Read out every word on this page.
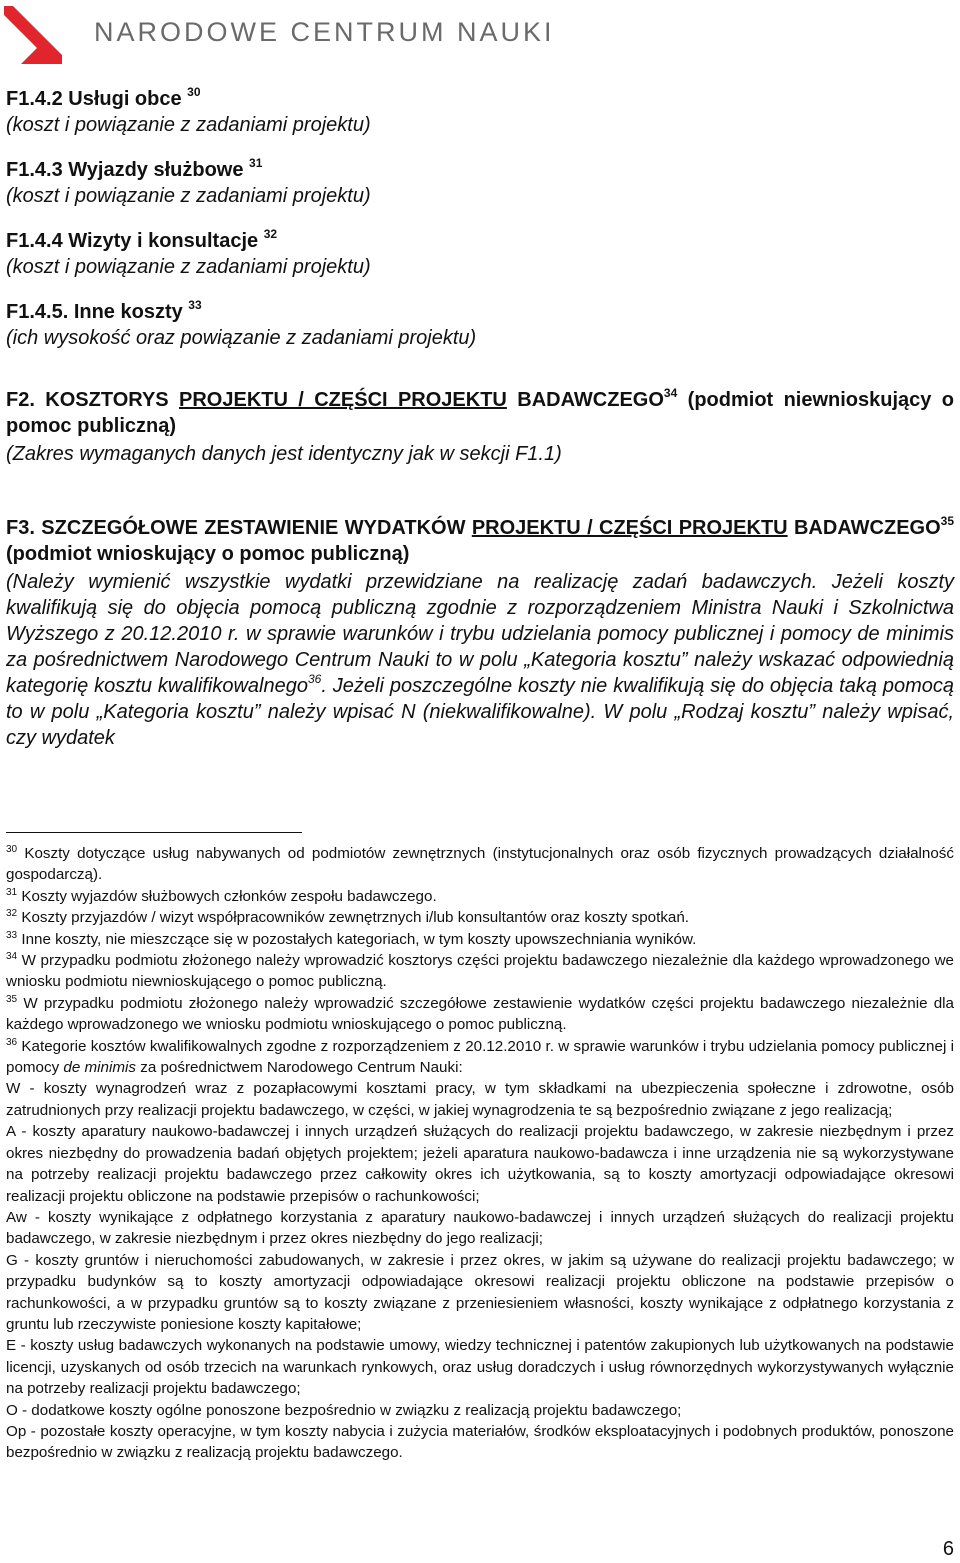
NARODOWE CENTRUM NAUKI
F1.4.2 Usługi obce $^{30}$
(koszt i powiązanie z zadaniami projektu)
F1.4.3 Wyjazdy służbowe $^{31}$
(koszt i powiązanie z zadaniami projektu)
F1.4.4 Wizyty i konsultacje $^{32}$
(koszt i powiązanie z zadaniami projektu)
F1.4.5. Inne koszty $^{33}$
(ich wysokość oraz powiązanie z zadaniami projektu)
F2. KOSZTORYS PROJEKTU / CZĘŚCI PROJEKTU BADAWCZEGO$^{34}$ (podmiot niewnioskujący o pomoc publiczną)
(Zakres wymaganych danych jest identyczny jak w sekcji F1.1)
F3. SZCZEGÓŁOWE ZESTAWIENIE WYDATKÓW PROJEKTU / CZĘŚCI PROJEKTU BADAWCZEGO$^{35}$ (podmiot wnioskujący o pomoc publiczną)
(Należy wymienić wszystkie wydatki przewidziane na realizację zadań badawczych. Jeżeli koszty kwalifikują się do objęcia pomocą publiczną zgodnie z rozporządzeniem Ministra Nauki i Szkolnictwa Wyższego z 20.12.2010 r. w sprawie warunków i trybu udzielania pomocy publicznej i pomocy de minimis za pośrednictwem Narodowego Centrum Nauki to w polu „Kategoria kosztu” należy wskazać odpowiednią kategorię kosztu kwalifikowalnego$^{36}$. Jeżeli poszczególne koszty nie kwalifikują się do objęcia taką pomocą to w polu „Kategoria kosztu” należy wpisać N (niekwalifikowalne). W polu „Rodzaj kosztu” należy wpisać, czy wydatek

$^{30}$ Koszty dotyczące usług nabywanych od podmiotów zewnętrznych (instytucjonalnych oraz osób fizycznych prowadzących działalność gospodarczą).

$^{31}$ Koszty wyjazdów służbowych członków zespołu badawczego.

$^{32}$ Koszty przyjazdów / wizyt współpracowników zewnętrznych i/lub konsultantów oraz koszty spotkań.

$^{33}$ Inne koszty, nie mieszczące się w pozostałych kategoriach, w tym koszty upowszechniania wyników.

$^{34}$ W przypadku podmiotu złożonego należy wprowadzić kosztorys części projektu badawczego niezależnie dla każdego wprowadzonego we wniosku podmiotu niewnioskującego o pomoc publiczną.

$^{35}$ W przypadku podmiotu złożonego należy wprowadzić szczegółowe zestawienie wydatków części projektu badawczego niezależnie dla każdego wprowadzonego we wniosku podmiotu wnioskującego o pomoc publiczną.

$^{36}$ Kategorie kosztów kwalifikowalnych zgodne z rozporządzeniem z 20.12.2010 r. w sprawie warunków i trybu udzielania pomocy publicznej i pomocy de minimis za pośrednictwem Narodowego Centrum Nauki:

W - koszty wynagrodzeń wraz z pozapłacowymi kosztami pracy, w tym składkami na ubezpieczenia społeczne i zdrowotne, osób zatrudnionych przy realizacji projektu badawczego, w części, w jakiej wynagrodzenia te są bezpośrednio związane z jego realizacją;

A - koszty aparatury naukowo-badawczej i innych urządzeń służących do realizacji projektu badawczego, w zakresie niezbędnym i przez okres niezbędny do prowadzenia badań objętych projektem; jeżeli aparatura naukowo-badawcza i inne urządzenia nie są wykorzystywane na potrzeby realizacji projektu badawczego przez całkowity okres ich użytkowania, są to koszty amortyzacji odpowiadające okresowi realizacji projektu obliczone na podstawie przepisów o rachunkowości;

Aw - koszty wynikające z odpłatnego korzystania z aparatury naukowo-badawczej i innych urządzeń służących do realizacji projektu badawczego, w zakresie niezbędnym i przez okres niezbędny do jego realizacji;

G - koszty gruntów i nieruchomości zabudowanych, w zakresie i przez okres, w jakim są używane do realizacji projektu badawczego; w przypadku budynków są to koszty amortyzacji odpowiadające okresowi realizacji projektu obliczone na podstawie przepisów o rachunkowości, a w przypadku gruntów są to koszty związane z przeniesieniem własności, koszty wynikające z odpłatnego korzystania z gruntu lub rzeczywiste poniesione koszty kapitałowe;

E - koszty usług badawczych wykonanych na podstawie umowy, wiedzy technicznej i patentów zakupionych lub użytkowanych na podstawie licencji, uzyskanych od osób trzecich na warunkach rynkowych, oraz usług doradczych i usług równorzędnych wykorzystywanych wyłącznie na potrzeby realizacji projektu badawczego;

O - dodatkowe koszty ogólne ponoszone bezpośrednio w związku z realizacją projektu badawczego;

Op - pozostałe koszty operacyjne, w tym koszty nabycia i zużycia materiałów, środków eksploatacyjnych i podobnych produktów, ponoszone bezpośrednio w związku z realizacją projektu badawczego.

6
